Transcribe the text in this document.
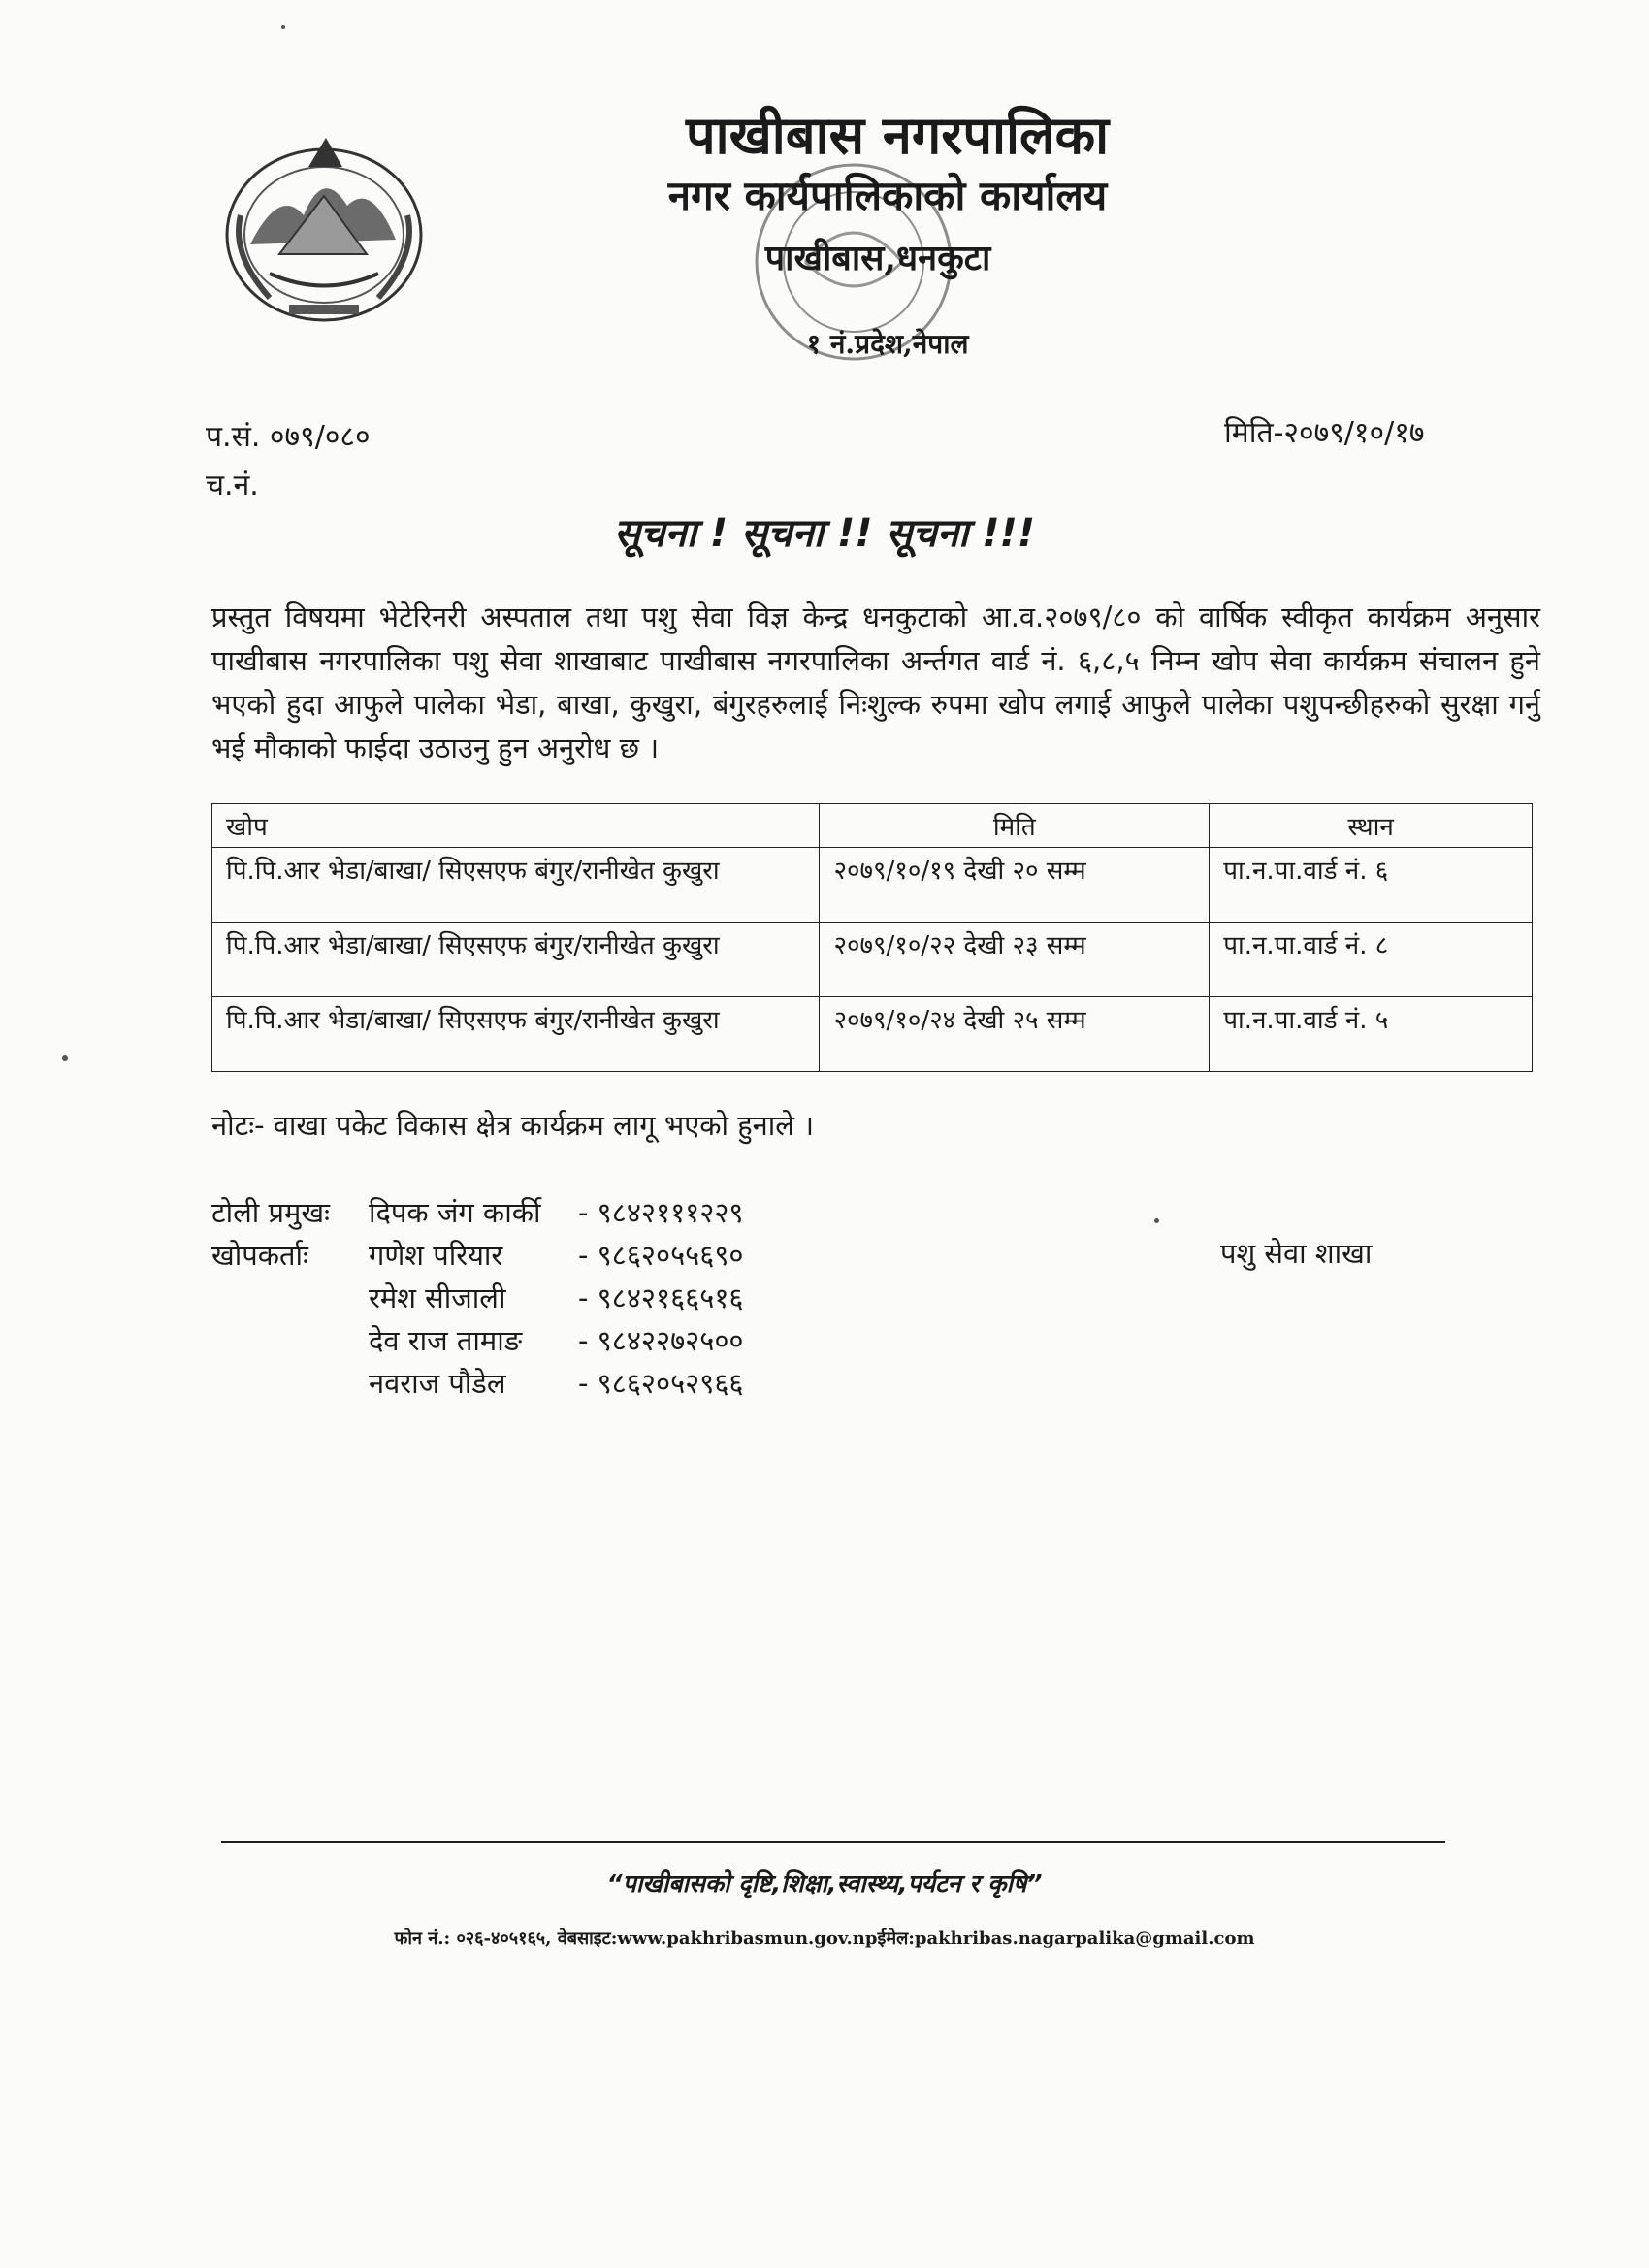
पाखीबास नगरपालिका
नगर कार्यपालिकाको कार्यालय
पाखीबास,धनकुटा
१ नं.प्रदेश,नेपाल
प.सं. ०७९/०८०
च.नं.
मिति-२०७९/१०/१७
सूचना ! सूचना !! सूचना !!!
प्रस्तुत विषयमा भेटेरिनरी अस्पताल तथा पशु सेवा विज्ञ केन्द्र धनकुटाको आ.व.२०७९/८० को वार्षिक स्वीकृत कार्यक्रम अनुसार पाखीबास नगरपालिका पशु सेवा शाखाबाट पाखीबास नगरपालिका अर्न्तगत वार्ड नं. ६,८,५ निम्न खोप सेवा कार्यक्रम संचालन हुने भएको हुदा आफुले पालेका भेडा, बाखा, कुखुरा, बंगुरहरुलाई निःशुल्क रुपमा खोप लगाई आफुले पालेका पशुपन्छीहरुको सुरक्षा गर्नु भई मौकाको फाईदा उठाउनु हुन अनुरोध छ ।
खोप	मिति	स्थान
पि.पि.आर भेडा/बाखा/ सिएसएफ बंगुर/रानीखेत कुखुरा	२०७९/१०/१९ देखी २० सम्म	पा.न.पा.वार्ड नं. ६
पि.पि.आर भेडा/बाखा/ सिएसएफ बंगुर/रानीखेत कुखुरा	२०७९/१०/२२ देखी २३ सम्म	पा.न.पा.वार्ड नं. ८
पि.पि.आर भेडा/बाखा/ सिएसएफ बंगुर/रानीखेत कुखुरा	२०७९/१०/२४ देखी २५ सम्म	पा.न.पा.वार्ड नं. ५
नोटः- वाखा पकेट विकास क्षेत्र कार्यक्रम लागू भएको हुनाले ।
टोली प्रमुखः दिपक जंग कार्की - ९८४२१११२२९
खोपकर्ताः गणेश परियार	- ९८६२०५५६९०
रमेश सीजाली	- ९८४२१६६५१६
देव राज तामाङ - ९८४२२७२५००
नवराज पौडेल	- ९८६२०५२९६६
पशु सेवा शाखा
“पाखीबासको दृष्टि,शिक्षा,स्वास्थ्य,पर्यटन र कृषि”
फोन नं.: ०२६-४०५१६५, वेबसाइट:www.pakhribasmun.gov.npईमेल:pakhribas.nagarpalika@gmail.com
